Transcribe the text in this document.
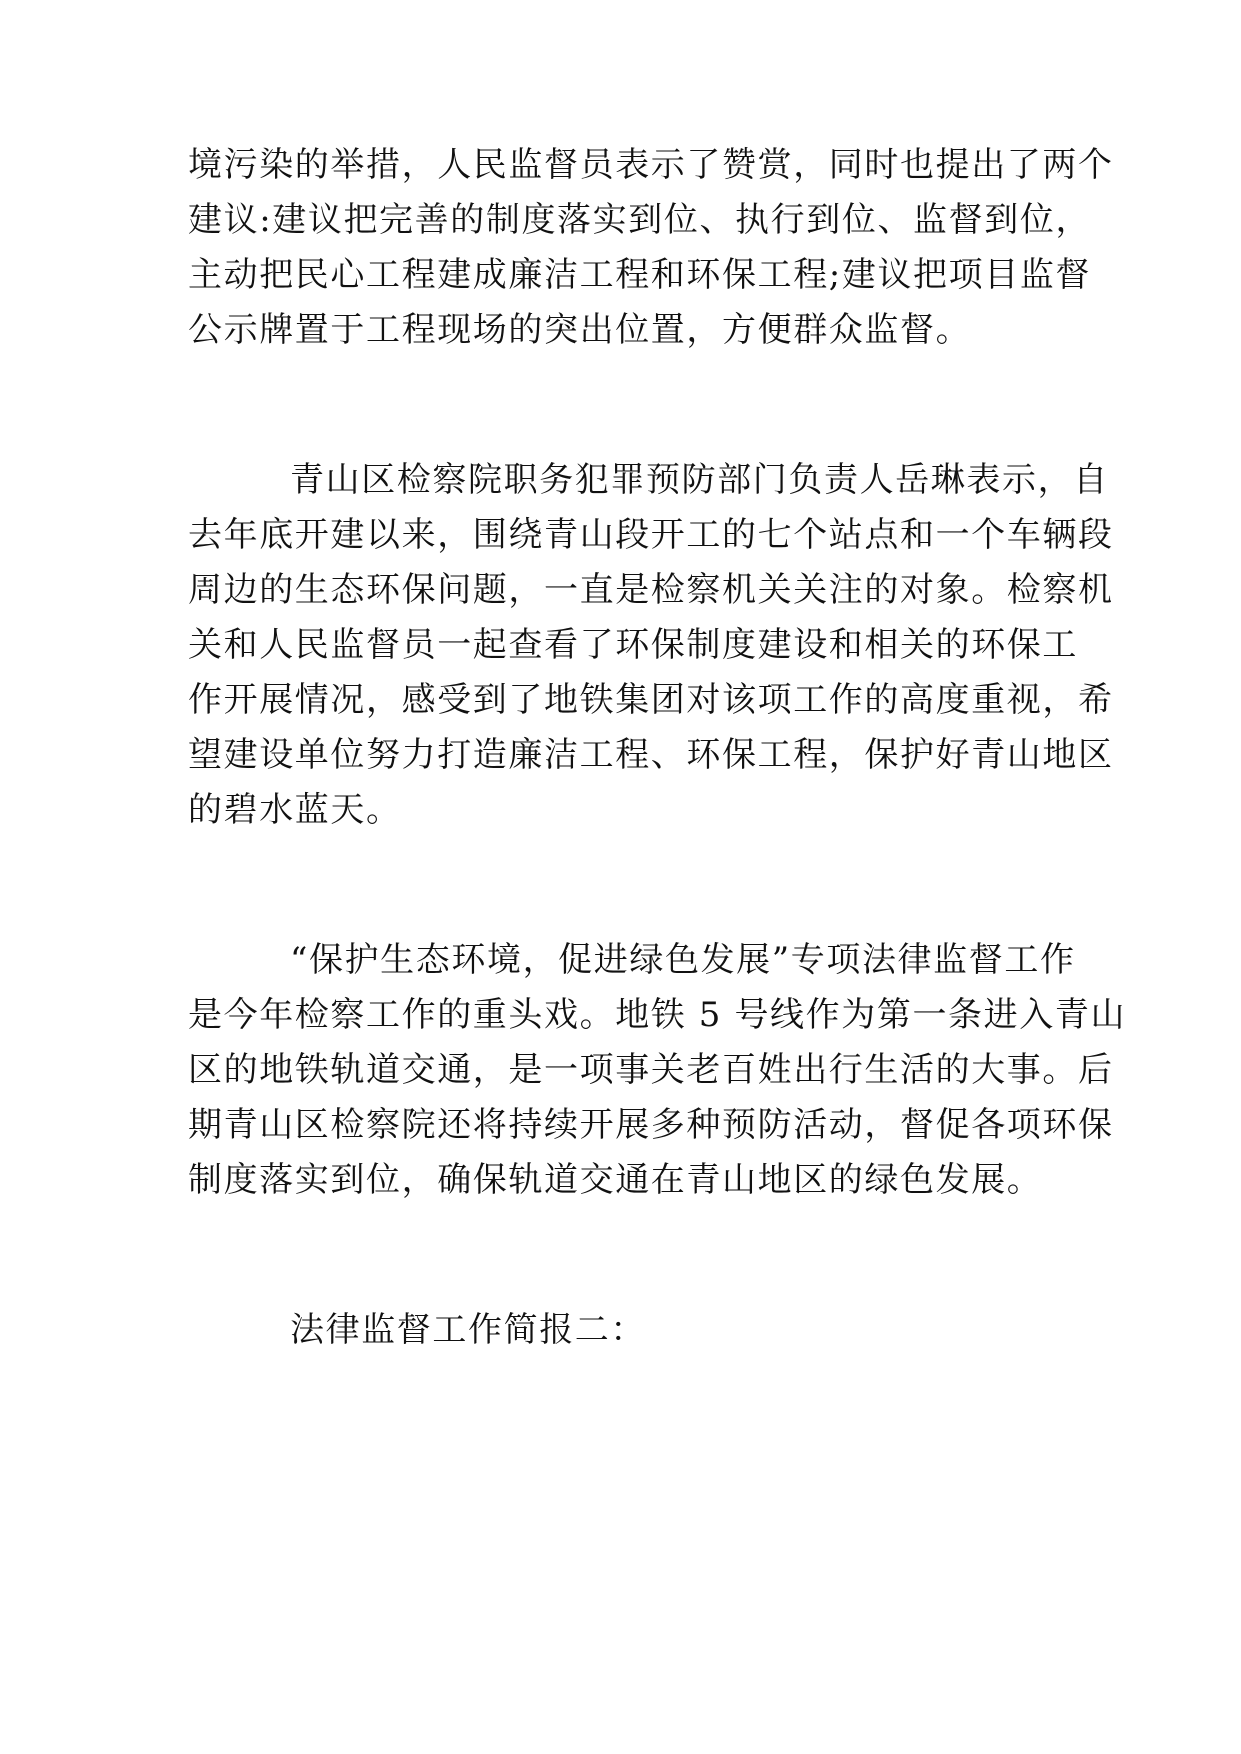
境污染的举措，人民监督员表示了赞赏，同时也提出了两个
建议:建议把完善的制度落实到位、执行到位、监督到位，
主动把民心工程建成廉洁工程和环保工程;建议把项目监督
公示牌置于工程现场的突出位置，方便群众监督。
青山区检察院职务犯罪预防部门负责人岳琳表示，自
去年底开建以来，围绕青山段开工的七个站点和一个车辆段
周边的生态环保问题，一直是检察机关关注的对象。检察机
关和人民监督员一起查看了环保制度建设和相关的环保工
作开展情况，感受到了地铁集团对该项工作的高度重视，希
望建设单位努力打造廉洁工程、环保工程，保护好青山地区
的碧水蓝天。
“保护生态环境，促进绿色发展”专项法律监督工作
是今年检察工作的重头戏。地铁 5 号线作为第一条进入青山
区的地铁轨道交通，是一项事关老百姓出行生活的大事。后
期青山区检察院还将持续开展多种预防活动，督促各项环保
制度落实到位，确保轨道交通在青山地区的绿色发展。
法律监督工作简报二：
